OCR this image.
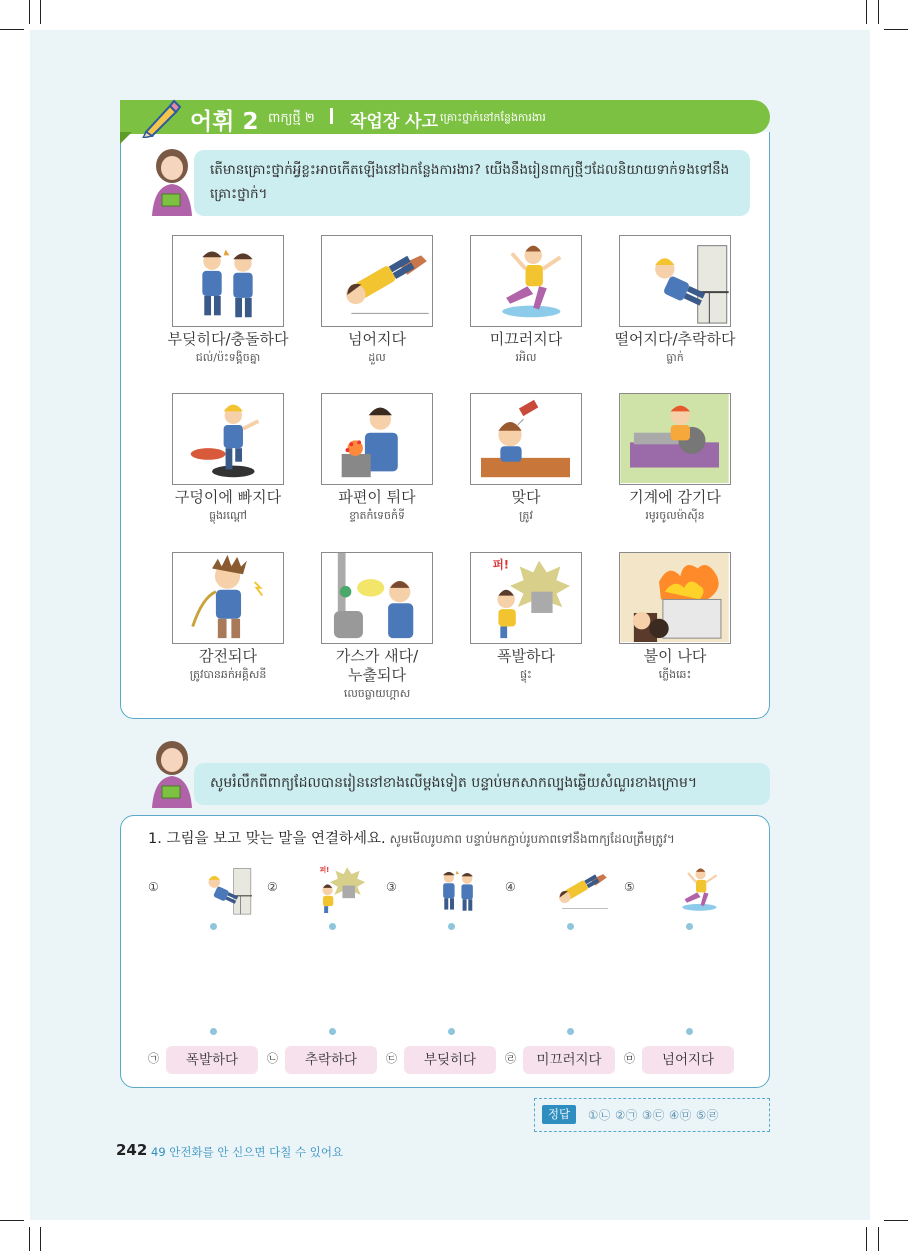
어휘 2 ពាក្យថ្មី ២ 작업장 사고 គ្រោះថ្នាក់នៅកន្លែងការងារ
តើមានគ្រោះថ្នាក់អ្វីខ្លះអាចកើតឡើងនៅឯកន្លែងការងារ? យើងនឹងរៀនពាក្យថ្មីៗដែលនិយាយទាក់ទងទៅនឹងគ្រោះថ្នាក់។
부딪히다/충돌하다
ជល់/ប៉ះទង្គិចគ្នា
넘어지다
ដួល
미끄러지다
រអិល
떨어지다/추락하다
ធ្លាក់
구덩이에 빠지다
ធ្លុងរណ្ដៅ
파편이 튀다
ខ្ទាតកំទេចកំទី
맞다
ត្រូវ
기계에 감기다
រមូរចូលម៉ាស៊ីន
감전되다
ត្រូវបានឆក់អគ្គិសនី
가스가 새다/
누출되다
លេចធ្លាយហ្គាស
퍼!
폭발하다
ផ្ទុះ
불이 나다
ភ្លើងឆេះ
សូមរំលឹកពីពាក្យដែលបានរៀននៅខាងលើម្ដងទៀត បន្ទាប់មកសាកល្បងឆ្លើយសំណួរខាងក្រោម។
1. 그림을 보고 맞는 말을 연결하세요. សូមមើលរូបភាព បន្ទាប់មកភ្ជាប់រូបភាពទៅនឹងពាក្យដែលត្រឹមត្រូវ។
①	②
퍼!
③	④	⑤
㉠	폭발하다	㉡	추락하다	㉢	부딪히다	㉣	미끄러지다	㉤	넘어지다
정답	①㉡ ②㉠ ③㉢ ④㉤ ⑤㉣
242 49 안전화를 안 신으면 다칠 수 있어요
